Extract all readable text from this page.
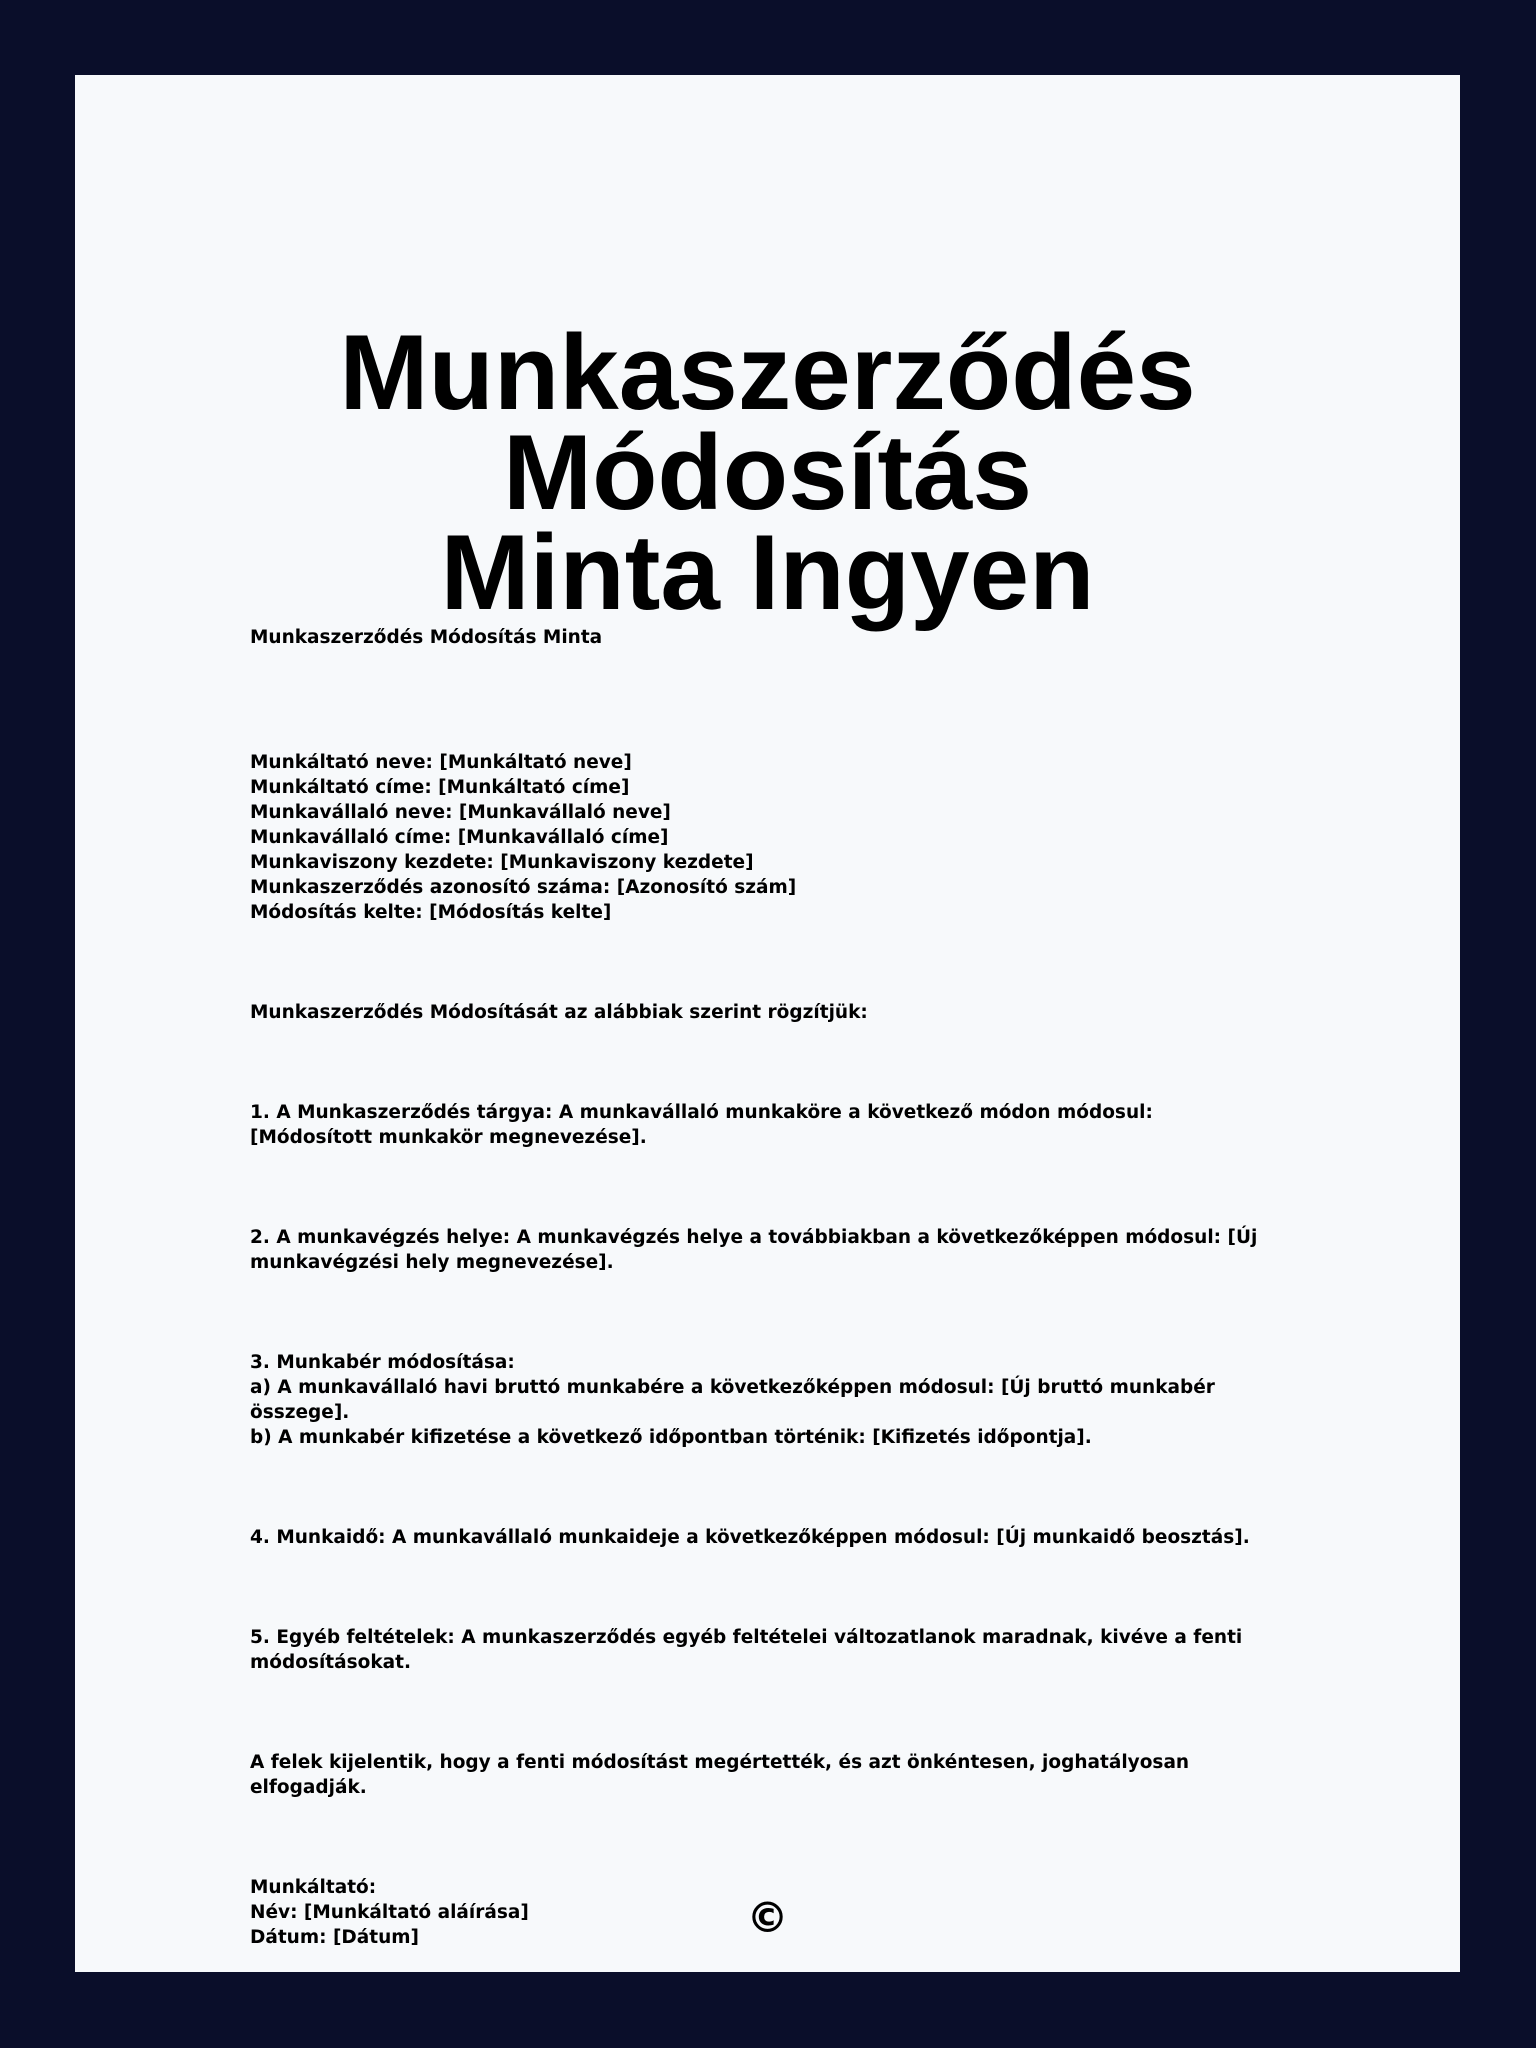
Munkaszerződés Módosítás
Minta Ingyen

Munkaszerződés Módosítás Minta

Munkáltató neve: [Munkáltató neve]
Munkáltató címe: [Munkáltató címe]
Munkavállaló neve: [Munkavállaló neve]
Munkavállaló címe: [Munkavállaló címe]
Munkaviszony kezdete: [Munkaviszony kezdete]
Munkaszerződés azonosító száma: [Azonosító szám]
Módosítás kelte: [Módosítás kelte]

Munkaszerződés Módosítását az alábbiak szerint rögzítjük:

1. A Munkaszerződés tárgya: A munkavállaló munkaköre a következő módon módosul: [Módosított munkakör megnevezése].

2. A munkavégzés helye: A munkavégzés helye a továbbiakban a következőképpen módosul: [Új munkavégzési hely megnevezése].

3. Munkabér módosítása:
a) A munkavállaló havi bruttó munkabére a következőképpen módosul: [Új bruttó munkabér összege].
b) A munkabér kifizetése a következő időpontban történik: [Kifizetés időpontja].

4. Munkaidő: A munkavállaló munkaideje a következőképpen módosul: [Új munkaidő beosztás].

5. Egyéb feltételek: A munkaszerződés egyéb feltételei változatlanok maradnak, kivéve a fenti módosításokat.

A felek kijelentik, hogy a fenti módosítást megértették, és azt önkéntesen, joghatályosan elfogadják.

Munkáltató:
Név: [Munkáltató aláírása]
Dátum: [Dátum]	©
